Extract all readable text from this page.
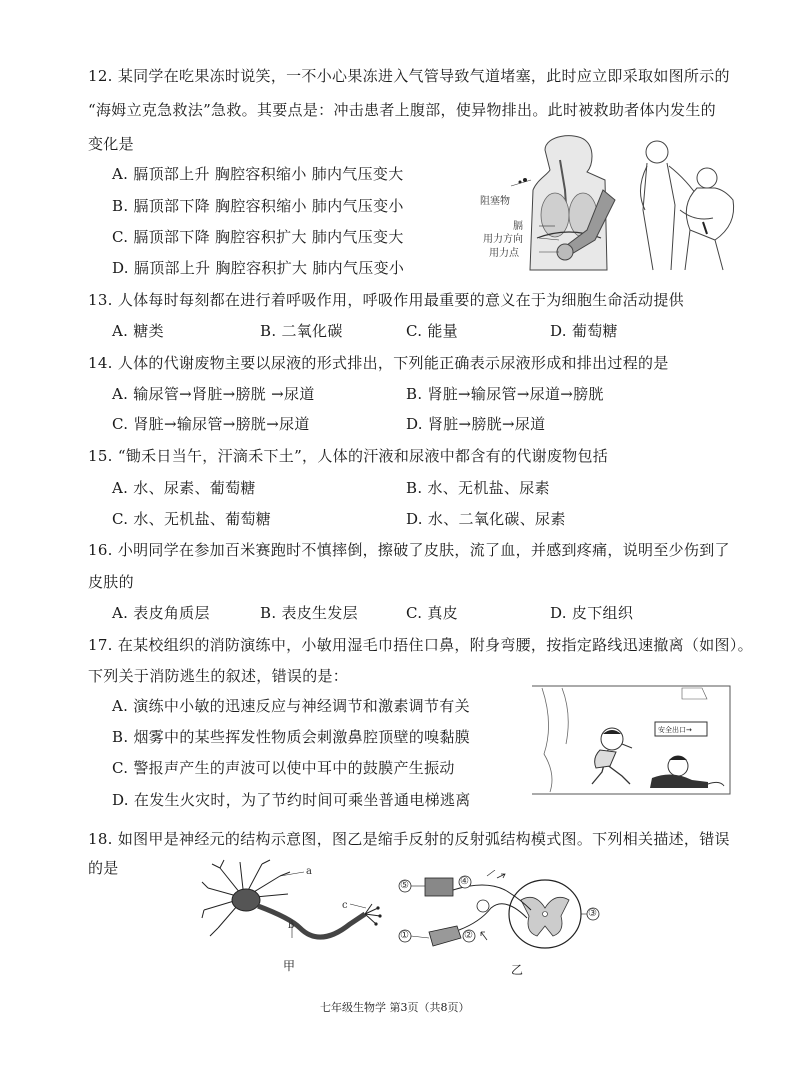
12. 某同学在吃果冻时说笑，一不小心果冻进入气管导致气道堵塞，此时应立即采取如图所示的
“海姆立克急救法”急救。其要点是：冲击患者上腹部，使异物排出。此时被救助者体内发生的
变化是
A. 膈顶部上升 胸腔容积缩小 肺内气压变大
B. 膈顶部下降 胸腔容积缩小 肺内气压变小
C. 膈顶部下降 胸腔容积扩大 肺内气压变大
D. 膈顶部上升 胸腔容积扩大 肺内气压变小
阻塞物
膈
用力方向
用力点
13. 人体每时每刻都在进行着呼吸作用，呼吸作用最重要的意义在于为细胞生命活动提供
A. 糖类	B. 二氧化碳	C. 能量	D. 葡萄糖
14. 人体的代谢废物主要以尿液的形式排出，下列能正确表示尿液形成和排出过程的是
A. 输尿管→肾脏→膀胱 →尿道	B. 肾脏→输尿管→尿道→膀胱
C. 肾脏→输尿管→膀胱→尿道	D. 肾脏→膀胱→尿道
15. “锄禾日当午，汗滴禾下土”，人体的汗液和尿液中都含有的代谢废物包括
A. 水、尿素、葡萄糖	B. 水、无机盐、尿素
C. 水、无机盐、葡萄糖	D. 水、二氧化碳、尿素
16. 小明同学在参加百米赛跑时不慎摔倒，擦破了皮肤，流了血，并感到疼痛，说明至少伤到了
皮肤的
A. 表皮角质层	B. 表皮生发层	C. 真皮	D. 皮下组织
17. 在某校组织的消防演练中，小敏用湿毛巾捂住口鼻，附身弯腰，按指定路线迅速撤离（如图）。
下列关于消防逃生的叙述，错误的是：
A. 演练中小敏的迅速反应与神经调节和激素调节有关
B. 烟雾中的某些挥发性物质会刺激鼻腔顶壁的嗅黏膜
C. 警报声产生的声波可以使中耳中的鼓膜产生振动
D. 在发生火灾时，为了节约时间可乘坐普通电梯逃离
安全出口→
18. 如图甲是神经元的结构示意图，图乙是缩手反射的反射弧结构模式图。下列相关描述，错误
的是	a
b
c
甲
⑤	④
①	②
③
乙
七年级生物学 第3页（共8页）
